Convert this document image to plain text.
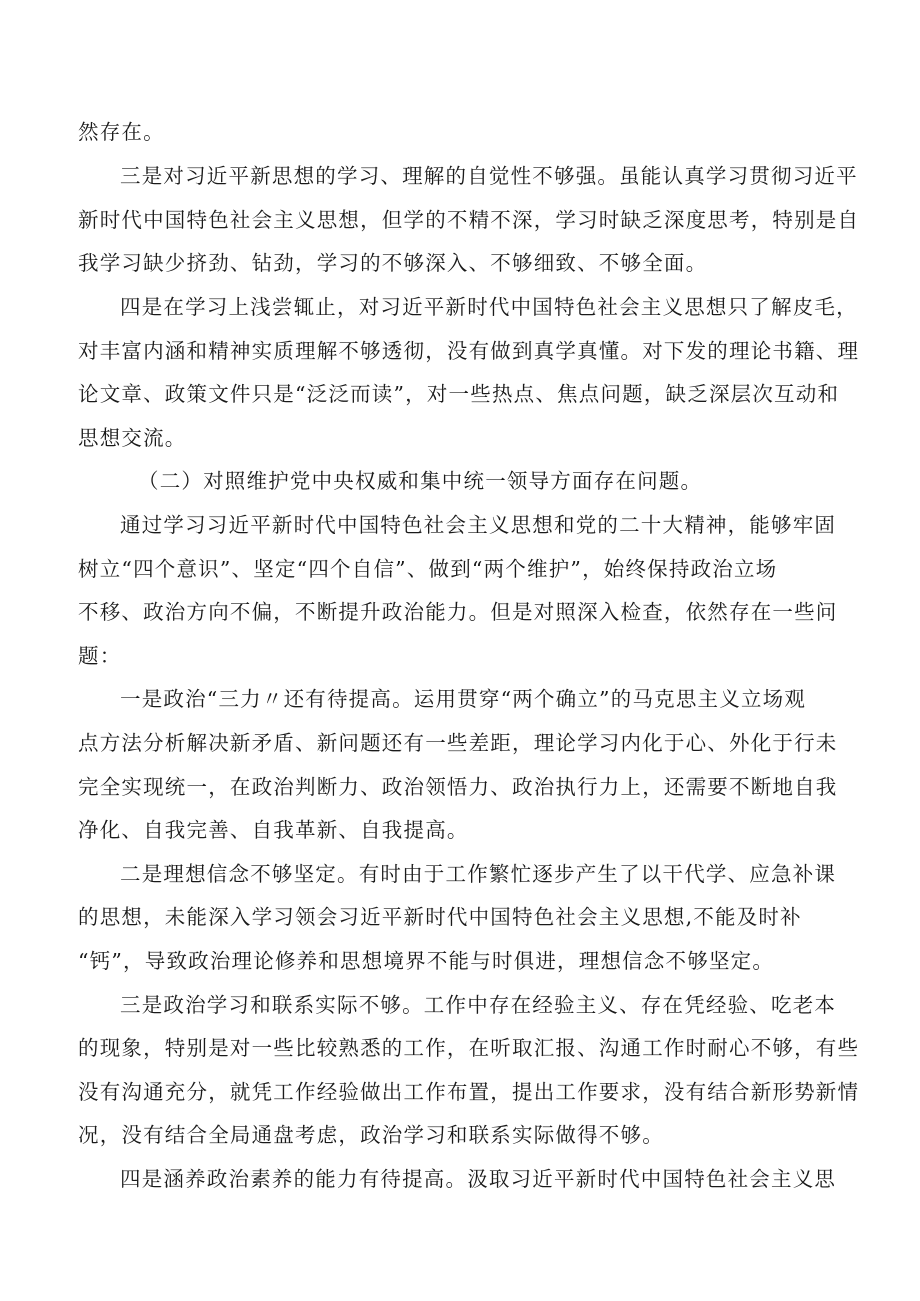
然存在。
三是对习近平新思想的学习、理解的自觉性不够强。虽能认真学习贯彻习近平
新时代中国特色社会主义思想，但学的不精不深，学习时缺乏深度思考，特别是自
我学习缺少挤劲、钻劲，学习的不够深入、不够细致、不够全面。
四是在学习上浅尝辄止，对习近平新时代中国特色社会主义思想只了解皮毛，
对丰富内涵和精神实质理解不够透彻，没有做到真学真懂。对下发的理论书籍、理
论文章、政策文件只是“泛泛而读”，对一些热点、焦点问题，缺乏深层次互动和
思想交流。
（二）对照维护党中央权威和集中统一领导方面存在问题。
通过学习习近平新时代中国特色社会主义思想和党的二十大精神，能够牢固
树立“四个意识”、坚定“四个自信”、做到“两个维护”，始终保持政治立场
不移、政治方向不偏，不断提升政治能力。但是对照深入检查，依然存在一些问
题：
一是政治“三力〃还有待提高。运用贯穿“两个确立”的马克思主义立场观
点方法分析解决新矛盾、新问题还有一些差距，理论学习内化于心、外化于行未
完全实现统一，在政治判断力、政治领悟力、政治执行力上，还需要不断地自我
净化、自我完善、自我革新、自我提高。
二是理想信念不够坚定。有时由于工作繁忙逐步产生了以干代学、应急补课
的思想，未能深入学习领会习近平新时代中国特色社会主义思想,不能及时补
“钙”，导致政治理论修养和思想境界不能与时俱进，理想信念不够坚定。
三是政治学习和联系实际不够。工作中存在经验主义、存在凭经验、吃老本
的现象，特别是对一些比较熟悉的工作，在听取汇报、沟通工作时耐心不够，有些
没有沟通充分，就凭工作经验做出工作布置，提出工作要求，没有结合新形势新情
况，没有结合全局通盘考虑，政治学习和联系实际做得不够。
四是涵养政治素养的能力有待提高。汲取习近平新时代中国特色社会主义思
